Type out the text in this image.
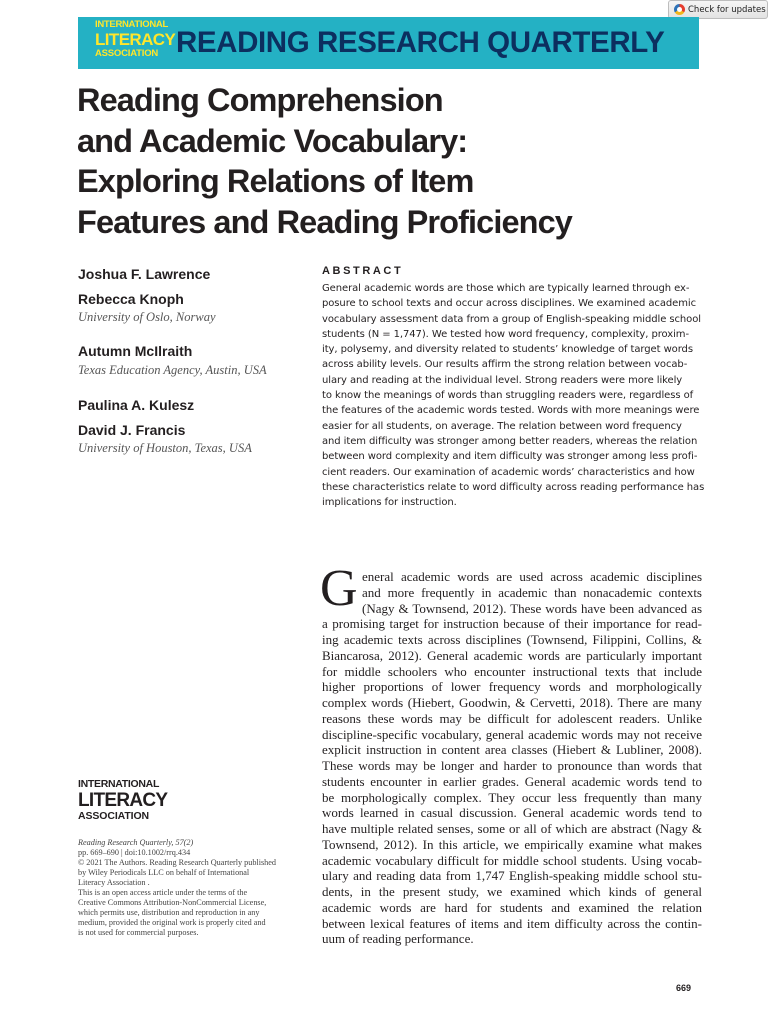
Check for updates
INTERNATIONAL
LITERACY
ASSOCIATION READING RESEARCH QUARTERLY
Reading Comprehension
and Academic Vocabulary:
Exploring Relations of Item
Features and Reading Proficiency
Joshua F. Lawrence
Rebecca Knoph
University of Oslo, Norway
Autumn McIlraith
Texas Education Agency, Austin, USA
Paulina A. Kulesz
David J. Francis
University of Houston, Texas, USA
ABSTRACT
General academic words are those which are typically learned through ex-
posure to school texts and occur across disciplines. We examined academic
vocabulary assessment data from a group of English-speaking middle school
students (N = 1,747). We tested how word frequency, complexity, proxim-
ity, polysemy, and diversity related to students’ knowledge of target words
across ability levels. Our results affirm the strong relation between vocab-
ulary and reading at the individual level. Strong readers were more likely
to know the meanings of words than struggling readers were, regardless of
the features of the academic words tested. Words with more meanings were
easier for all students, on average. The relation between word frequency
and item difficulty was stronger among better readers, whereas the relation
between word complexity and item difficulty was stronger among less profi-
cient readers. Our examination of academic words’ characteristics and how
these characteristics relate to word difficulty across reading performance has
implications for instruction.
G eneral academic words are used across academic disciplines
and more frequently in academic than nonacademic contexts
(Nagy & Townsend, 2012). These words have been advanced as
a promising target for instruction because of their importance for read-
ing academic texts across disciplines (Townsend, Filippini, Collins, &
Biancarosa, 2012). General academic words are particularly important
for middle schoolers who encounter instructional texts that include
higher proportions of lower frequency words and morphologically
complex words (Hiebert, Goodwin, & Cervetti, 2018). There are many
reasons these words may be difficult for adolescent readers. Unlike
discipline-specific vocabulary, general academic words may not receive
explicit instruction in content area classes (Hiebert & Lubliner, 2008).
These words may be longer and harder to pronounce than words that
students encounter in earlier grades. General academic words tend to
be morphologically complex. They occur less frequently than many
words learned in casual discussion. General academic words tend to
have multiple related senses, some or all of which are abstract (Nagy &
Townsend, 2012). In this article, we empirically examine what makes
academic vocabulary difficult for middle school students. Using vocab-
ulary and reading data from 1,747 English-speaking middle school stu-
dents, in the present study, we examined which kinds of general
academic words are hard for students and examined the relation
between lexical features of items and item difficulty across the contin-
uum of reading performance.
INTERNATIONAL
LITERACY
ASSOCIATION
Reading Research Quarterly, 57(2)
pp. 669–690 | doi:10.1002/rrq.434
© 2021 The Authors. Reading Research Quarterly published
by Wiley Periodicals LLC on behalf of International
Literacy Association .
This is an open access article under the terms of the
Creative Commons Attribution-NonCommercial License,
which permits use, distribution and reproduction in any
medium, provided the original work is properly cited and
is not used for commercial purposes.
669
